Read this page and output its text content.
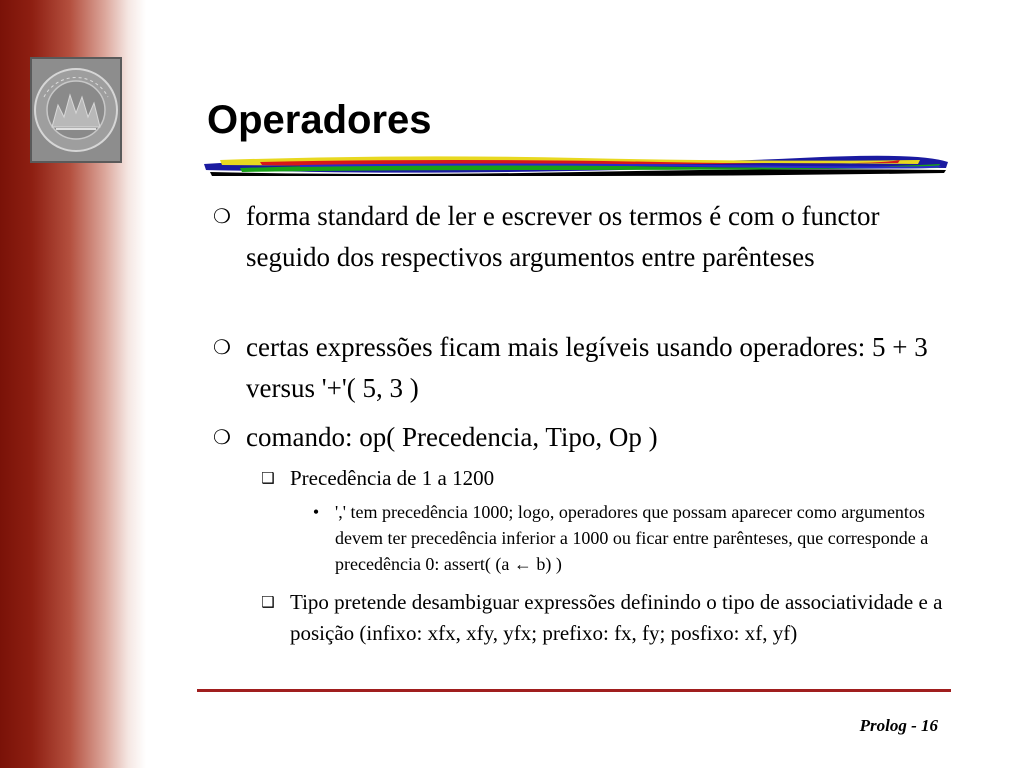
Operadores
❍ forma standard de ler e escrever os termos é com o functor seguido dos respectivos argumentos entre parênteses
❍ certas expressões ficam mais legíveis usando operadores: 5 + 3 versus '+'( 5, 3 )
❍ comando: op( Precedencia, Tipo, Op )
❑ Precedência de 1 a 1200
• ',' tem precedência 1000; logo, operadores que possam aparecer como argumentos devem ter precedência inferior a 1000 ou ficar entre parênteses, que corresponde a precedência 0: assert( (a ← b) )
❑ Tipo pretende desambiguar expressões definindo o tipo de associatividade e a posição (infixo: xfx, xfy, yfx; prefixo: fx, fy; posfixo: xf, yf)
Prolog - 16
